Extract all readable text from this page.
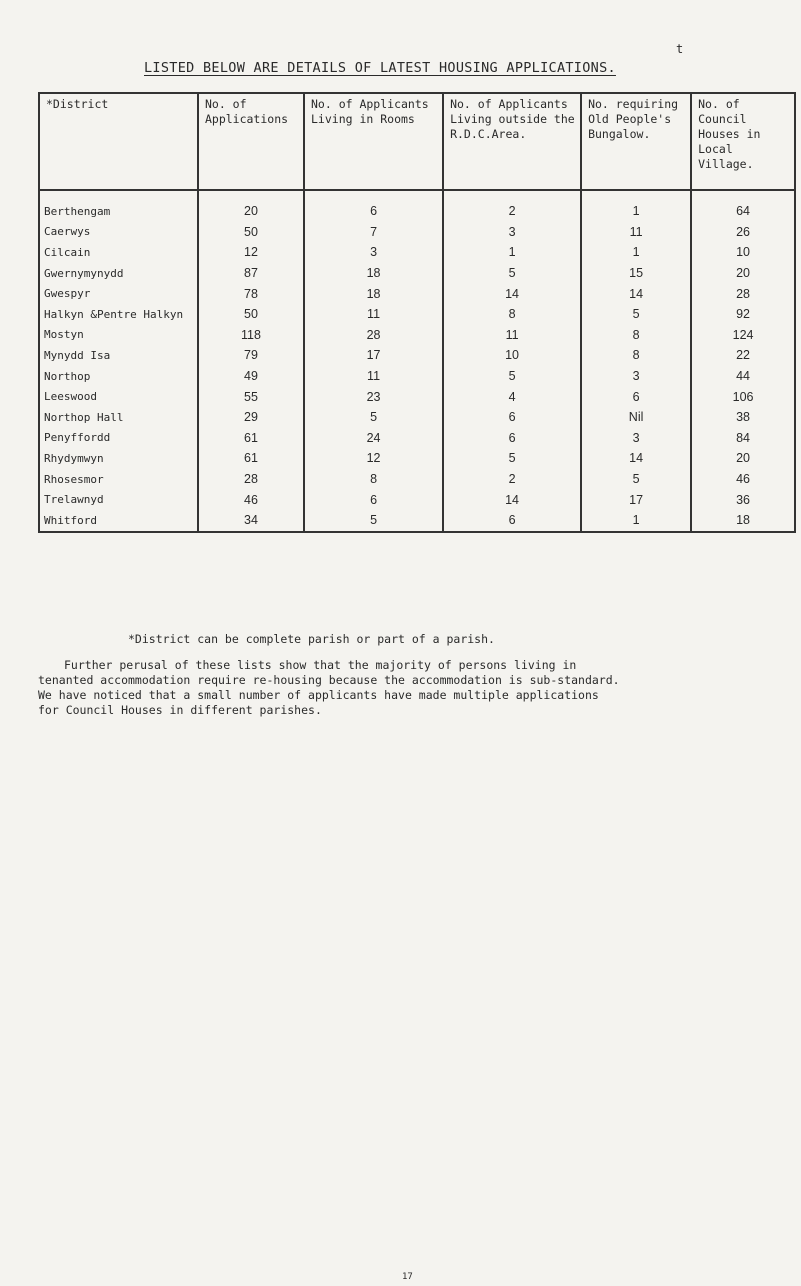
t
LISTED BELOW ARE DETAILS OF LATEST HOUSING APPLICATIONS.
*District	No. of Applications	No. of Applicants Living in Rooms	No. of Applicants Living outside the R.D.C.Area.	No. requiring Old People's Bungalow.	No. of Council Houses in Local Village.
Berthengam	20	6	2	1	64
Caerwys	50	7	3	11	26
Cilcain	12	3	1	1	10
Gwernymynydd	87	18	5	15	20
Gwespyr	78	18	14	14	28
Halkyn &Pentre Halkyn	50	11	8	5	92
Mostyn	118	28	11	8	124
Mynydd Isa	79	17	10	8	22
Northop	49	11	5	3	44
Leeswood	55	23	4	6	106
Northop Hall	29	5	6	Nil	38
Penyffordd	61	24	6	3	84
Rhydymwyn	61	12	5	14	20
Rhosesmor	28	8	2	5	46
Trelawnyd	46	6	14	17	36
Whitford	34	5	6	1	18
*District can be complete parish or part of a parish.

Further perusal of these lists show that the majority of persons living in

tenanted accommodation require re-housing because the accommodation is sub-standard.

We have noticed that a small number of applicants have made multiple applications

for Council Houses in different parishes.

17
